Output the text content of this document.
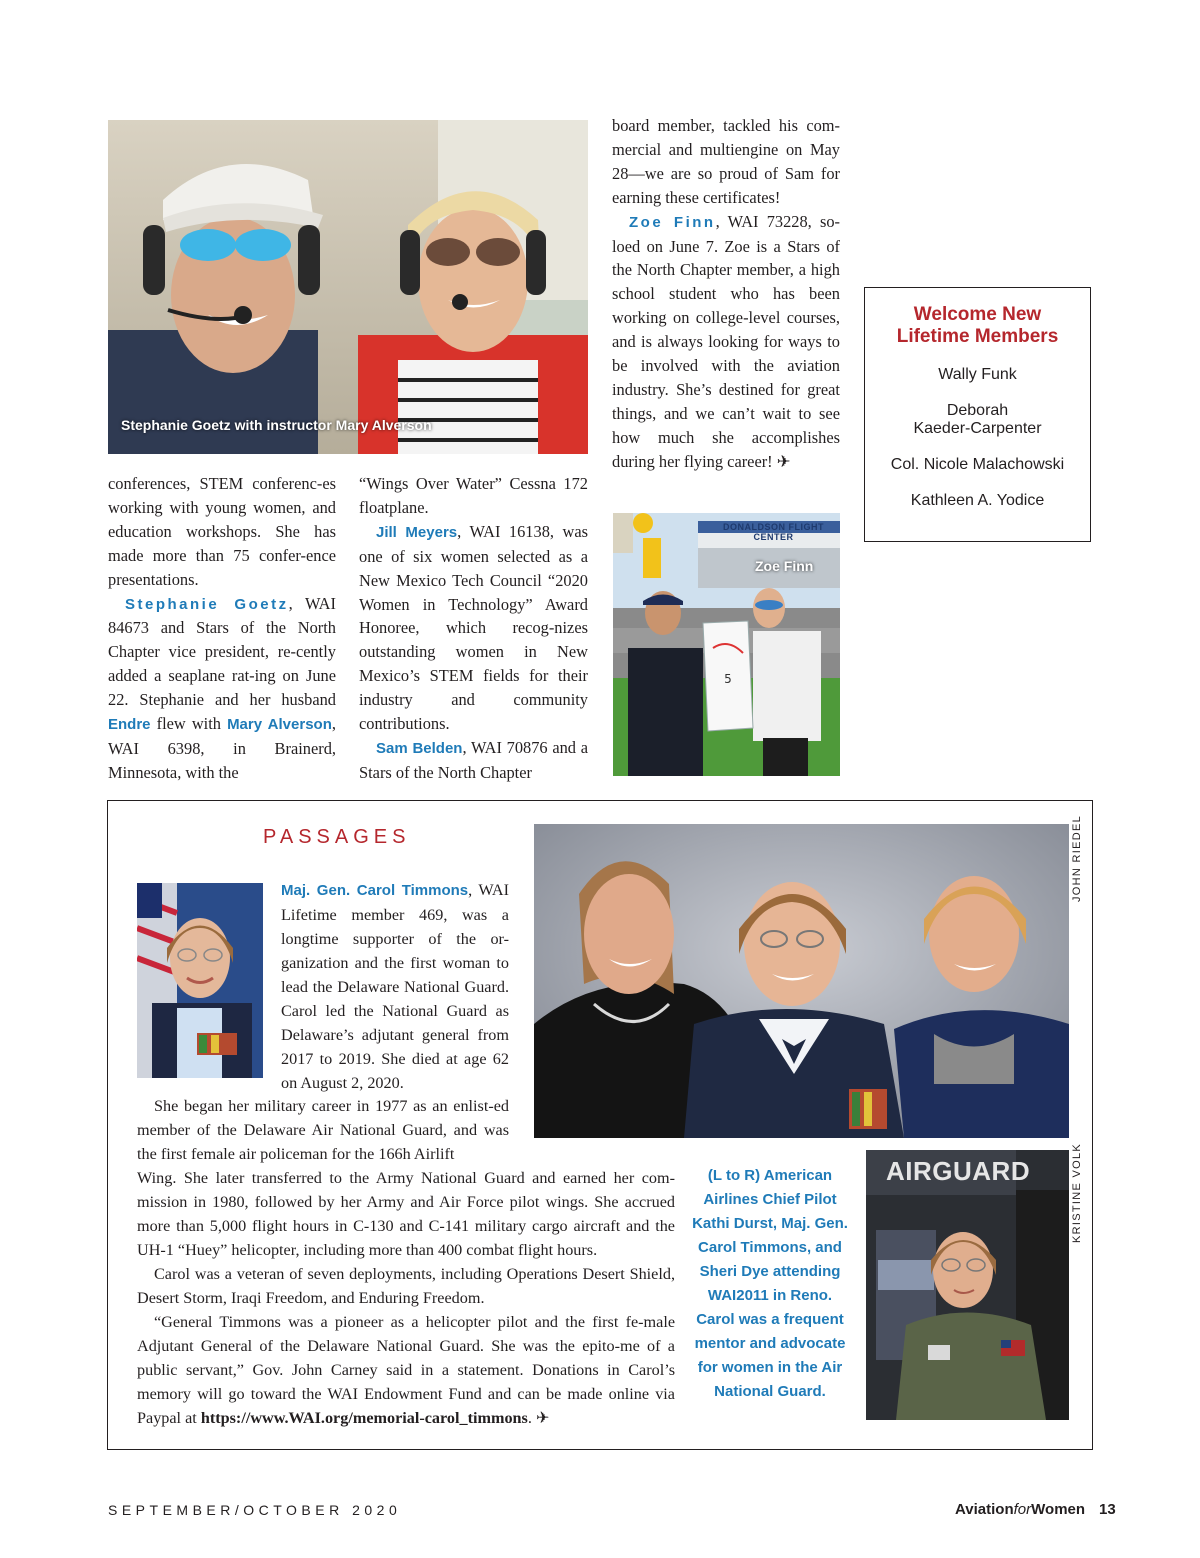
Stephanie Goetz with instructor Mary Alverson

conferences, STEM conferenc-es working with young women, and education workshops. She has made more than 75 confer-ence presentations.

Stephanie Goetz, WAI 84673 and Stars of the North Chapter vice president, re-cently added a seaplane rat-ing on June 22. Stephanie and her husband Endre flew with Mary Alverson, WAI 6398, in Brainerd, Minnesota, with the

“Wings Over Water” Cessna 172 floatplane.

Jill Meyers, WAI 16138, was one of six women selected as a New Mexico Tech Council “2020 Women in Technology” Award Honoree, which recog-nizes outstanding women in New Mexico’s STEM fields for their industry and community contributions.

Sam Belden, WAI 70876 and a Stars of the North Chapter

board member, tackled his com-mercial and multiengine on May 28—we are so proud of Sam for earning these certificates!

Zoe Finn, WAI 73228, so-loed on June 7. Zoe is a Stars of the North Chapter member, a high school student who has been working on college-level courses, and is always looking for ways to be involved with the aviation industry. She’s destined for great things, and we can’t wait to see how much she accomplishes during her flying career! ✈

5
DONALDSON FLIGHT CENTER
Zoe Finn
Welcome New
Lifetime Members
Wally Funk
Deborah
Kaeder-Carpenter
Col. Nicole Malachowski
Kathleen A. Yodice
PASSAGES

Maj. Gen. Carol Timmons, WAI Lifetime member 469, was a longtime supporter of the or-ganization and the first woman to lead the Delaware National Guard. Carol led the National Guard as Delaware’s adjutant general from 2017 to 2019. She died at age 62 on August 2, 2020.

She began her military career in 1977 as an enlist-ed member of the Delaware Air National Guard, and was the first female air policeman for the 166h Airlift

Wing. She later transferred to the Army National Guard and earned her com-mission in 1980, followed by her Army and Air Force pilot wings. She accrued more than 5,000 flight hours in C-130 and C-141 military cargo aircraft and the UH-1 “Huey” helicopter, including more than 400 combat flight hours.

Carol was a veteran of seven deployments, including Operations Desert Shield, Desert Storm, Iraqi Freedom, and Enduring Freedom.

“General Timmons was a pioneer as a helicopter pilot and the first fe-male Adjutant General of the Delaware National Guard. She was the epito-me of a public servant,” Gov. John Carney said in a statement. Donations in Carol’s memory will go toward the WAI Endowment Fund and can be made online via Paypal at https://www.WAI.org/memorial-carol_timmons. ✈

JOHN RIEDEL
KRISTINE VOLK
(L to R) American Airlines Chief Pilot Kathi Durst, Maj. Gen. Carol Timmons, and Sheri Dye attending WAI2011 in Reno. Carol was a frequent mentor and advocate for women in the Air National Guard.
AIRGUARD
SEPTEMBER/OCTOBER 2020	AviationforWomen 13
